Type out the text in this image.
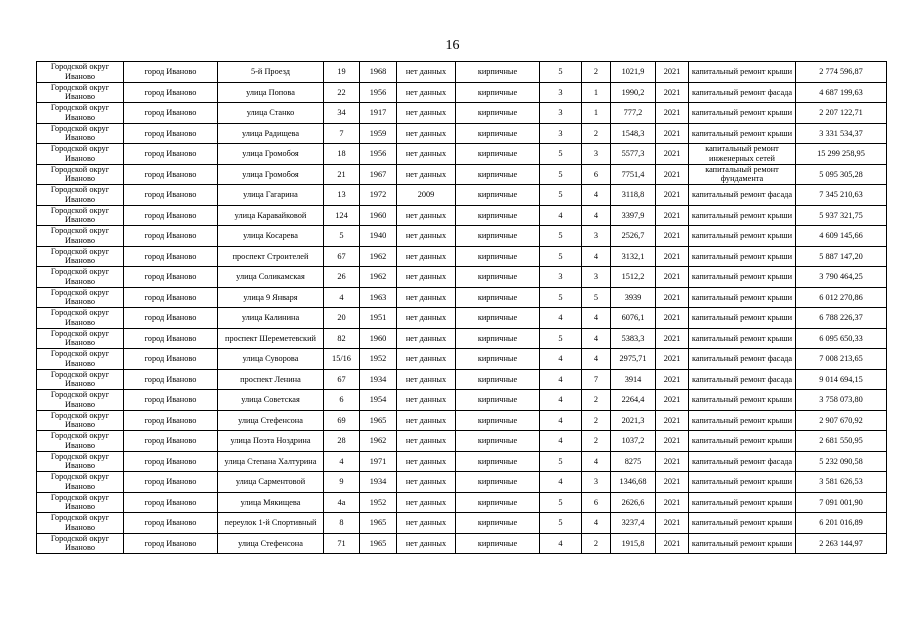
16
Городской округ Иваново	город Иваново	5-й Проезд	19	1968	нет данных	кирпичные	5	2	1021,9	2021	капитальный ремонт крыши	2 774 596,87
Городской округ Иваново	город Иваново	улица Попова	22	1956	нет данных	кирпичные	3	1	1990,2	2021	капитальный ремонт фасада	4 687 199,63
Городской округ Иваново	город Иваново	улица Станко	34	1917	нет данных	кирпичные	3	1	777,2	2021	капитальный ремонт крыши	2 207 122,71
Городской округ Иваново	город Иваново	улица Радищева	7	1959	нет данных	кирпичные	3	2	1548,3	2021	капитальный ремонт крыши	3 331 534,37
Городской округ Иваново	город Иваново	улица Громобоя	18	1956	нет данных	кирпичные	5	3	5577,3	2021	капитальный ремонт инженерных сетей	15 299 258,95
Городской округ Иваново	город Иваново	улица Громобоя	21	1967	нет данных	кирпичные	5	6	7751,4	2021	капитальный ремонт фундамента	5 095 305,28
Городской округ Иваново	город Иваново	улица Гагарина	13	1972	2009	кирпичные	5	4	3118,8	2021	капитальный ремонт фасада	7 345 210,63
Городской округ Иваново	город Иваново	улица Каравайковой	124	1960	нет данных	кирпичные	4	4	3397,9	2021	капитальный ремонт крыши	5 937 321,75
Городской округ Иваново	город Иваново	улица Косарева	5	1940	нет данных	кирпичные	5	3	2526,7	2021	капитальный ремонт крыши	4 609 145,66
Городской округ Иваново	город Иваново	проспект Строителей	67	1962	нет данных	кирпичные	5	4	3132,1	2021	капитальный ремонт крыши	5 887 147,20
Городской округ Иваново	город Иваново	улица Соликамская	26	1962	нет данных	кирпичные	3	3	1512,2	2021	капитальный ремонт крыши	3 790 464,25
Городской округ Иваново	город Иваново	улица 9 Января	4	1963	нет данных	кирпичные	5	5	3939	2021	капитальный ремонт крыши	6 012 270,86
Городской округ Иваново	город Иваново	улица Калинина	20	1951	нет данных	кирпичные	4	4	6076,1	2021	капитальный ремонт крыши	6 788 226,37
Городской округ Иваново	город Иваново	проспект Шереметевский	82	1960	нет данных	кирпичные	5	4	5383,3	2021	капитальный ремонт крыши	6 095 650,33
Городской округ Иваново	город Иваново	улица Суворова	15/16	1952	нет данных	кирпичные	4	4	2975,71	2021	капитальный ремонт фасада	7 008 213,65
Городской округ Иваново	город Иваново	проспект Ленина	67	1934	нет данных	кирпичные	4	7	3914	2021	капитальный ремонт фасада	9 014 694,15
Городской округ Иваново	город Иваново	улица Советская	6	1954	нет данных	кирпичные	4	2	2264,4	2021	капитальный ремонт крыши	3 758 073,80
Городской округ Иваново	город Иваново	улица Стефенсона	69	1965	нет данных	кирпичные	4	2	2021,3	2021	капитальный ремонт крыши	2 907 670,92
Городской округ Иваново	город Иваново	улица Поэта Ноздрина	28	1962	нет данных	кирпичные	4	2	1037,2	2021	капитальный ремонт крыши	2 681 550,95
Городской округ Иваново	город Иваново	улица Степана Халтурина	4	1971	нет данных	кирпичные	5	4	8275	2021	капитальный ремонт фасада	5 232 090,58
Городской округ Иваново	город Иваново	улица Сарментовой	9	1934	нет данных	кирпичные	4	3	1346,68	2021	капитальный ремонт крыши	3 581 626,53
Городской округ Иваново	город Иваново	улица Мякищева	4а	1952	нет данных	кирпичные	5	6	2626,6	2021	капитальный ремонт крыши	7 091 001,90
Городской округ Иваново	город Иваново	переулок 1-й Спортивный	8	1965	нет данных	кирпичные	5	4	3237,4	2021	капитальный ремонт крыши	6 201 016,89
Городской округ Иваново	город Иваново	улица Стефенсона	71	1965	нет данных	кирпичные	4	2	1915,8	2021	капитальный ремонт крыши	2 263 144,97
